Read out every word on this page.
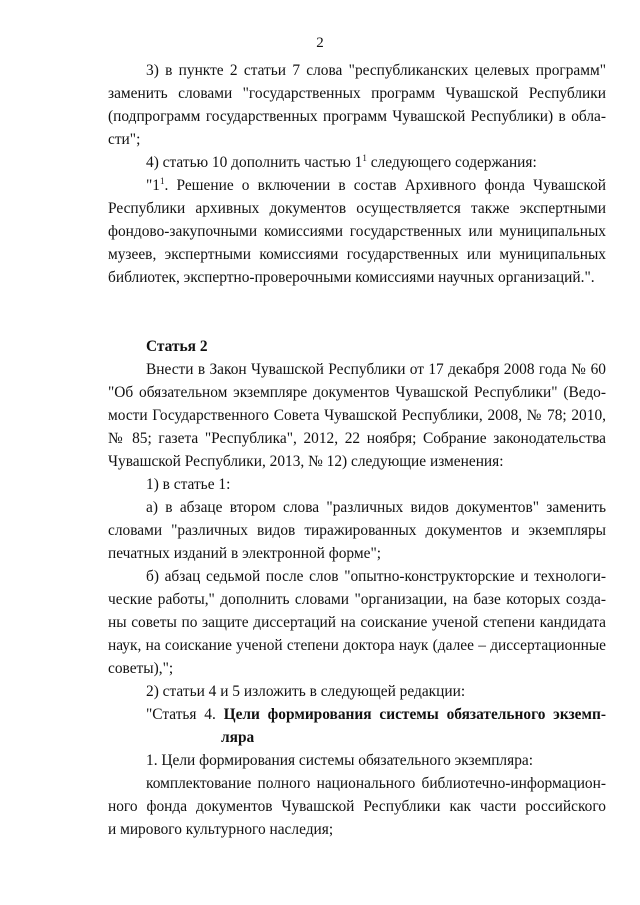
2

3) в пункте 2 статьи 7 слова "республиканских целевых программ"

заменить словами "государственных программ Чувашской Республики

(подпрограмм государственных программ Чувашской Республики) в обла-

сти";

4) статью 10 дополнить частью $1^1$ следующего содержания:

"$1^1$. Решение о включении в состав Архивного фонда Чувашской

Республики архивных документов осуществляется также экспертными

фондово-закупочными комиссиями государственных или муниципальных

музеев, экспертными комиссиями государственных или муниципальных

библиотек, экспертно-проверочными комиссиями научных организаций.".

Статья 2

Внести в Закон Чувашской Республики от 17 декабря 2008 года № 60

"Об обязательном экземпляре документов Чувашской Республики" (Ведо-

мости Государственного Совета Чувашской Республики, 2008, № 78; 2010,

№ 85; газета "Республика", 2012, 22 ноября; Собрание законодательства

Чувашской Республики, 2013, № 12) следующие изменения:

1) в статье 1:

а) в абзаце втором слова "различных видов документов" заменить

словами "различных видов тиражированных документов и экземпляры

печатных изданий в электронной форме";

б) абзац седьмой после слов "опытно-конструкторские и технологи-

ческие работы," дополнить словами "организации, на базе которых созда-

ны советы по защите диссертаций на соискание ученой степени кандидата

наук, на соискание ученой степени доктора наук (далее – диссертационные

советы),";

2) статьи 4 и 5 изложить в следующей редакции:

"Статья 4. Цели формирования системы обязательного экземп-

ляра

1. Цели формирования системы обязательного экземпляра:

комплектование полного национального библиотечно-информацион-

ного фонда документов Чувашской Республики как части российского

и мирового культурного наследия;
